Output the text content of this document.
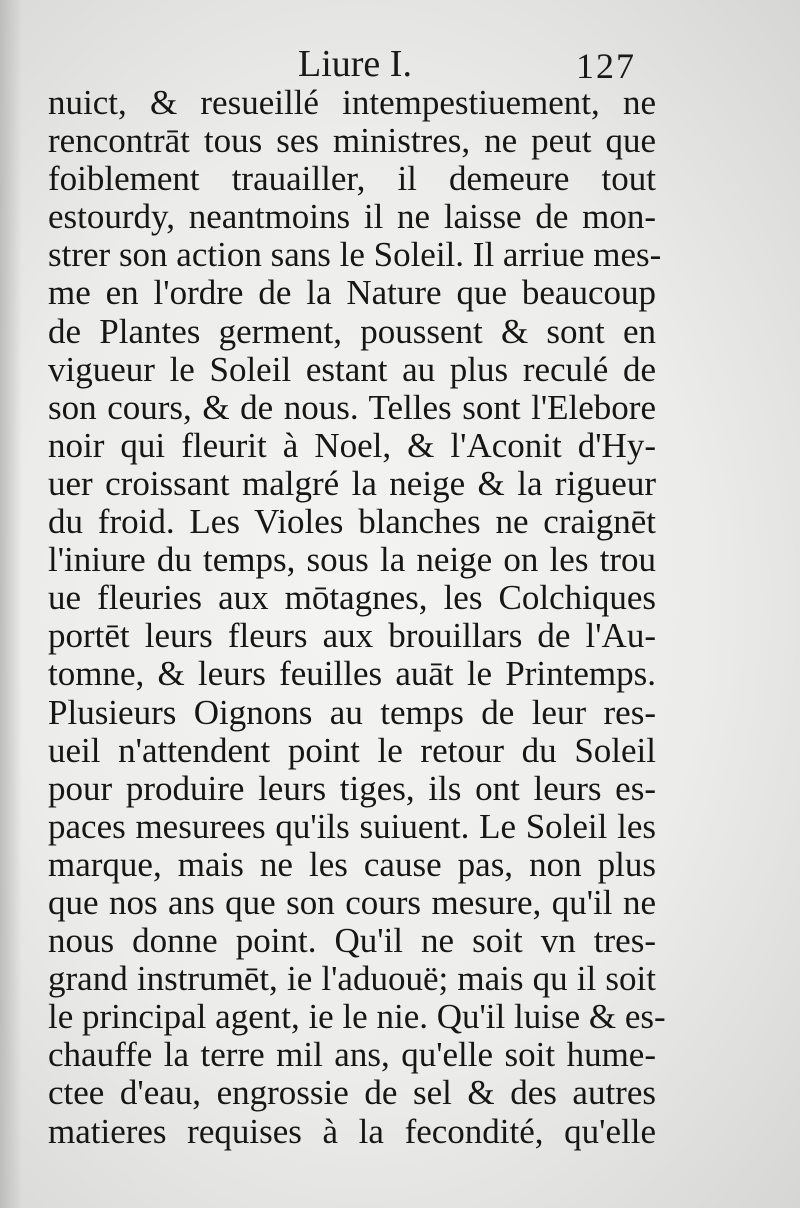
Liure I.	127
nuict, & resueillé intempestiuement, ne
rencontrāt tous ses ministres, ne peut que
foiblement trauailler, il demeure tout
estourdy, neantmoins il ne laisse de mon-
strer son action sans le Soleil. Il arriue mes-
me en l'ordre de la Nature que beaucoup
de Plantes germent, poussent & sont en
vigueur le Soleil estant au plus reculé de
son cours, & de nous. Telles sont l'Elebore
noir qui fleurit à Noel, & l'Aconit d'Hy-
uer croissant malgré la neige & la rigueur
du froid. Les Violes blanches ne craignēt
l'iniure du temps, sous la neige on les trou
ue fleuries aux mōtagnes, les Colchiques
portēt leurs fleurs aux brouillars de l'Au-
tomne, & leurs feuilles auāt le Printemps.
Plusieurs Oignons au temps de leur res-
ueil n'attendent point le retour du Soleil
pour produire leurs tiges, ils ont leurs es-
paces mesurees qu'ils suiuent. Le Soleil les
marque, mais ne les cause pas, non plus
que nos ans que son cours mesure, qu'il ne
nous donne point. Qu'il ne soit vn tres-
grand instrumēt, ie l'aduouë; mais qu il soit
le principal agent, ie le nie. Qu'il luise & es-
chauffe la terre mil ans, qu'elle soit hume-
ctee d'eau, engrossie de sel & des autres
matieres requises à la fecondité, qu'elle
